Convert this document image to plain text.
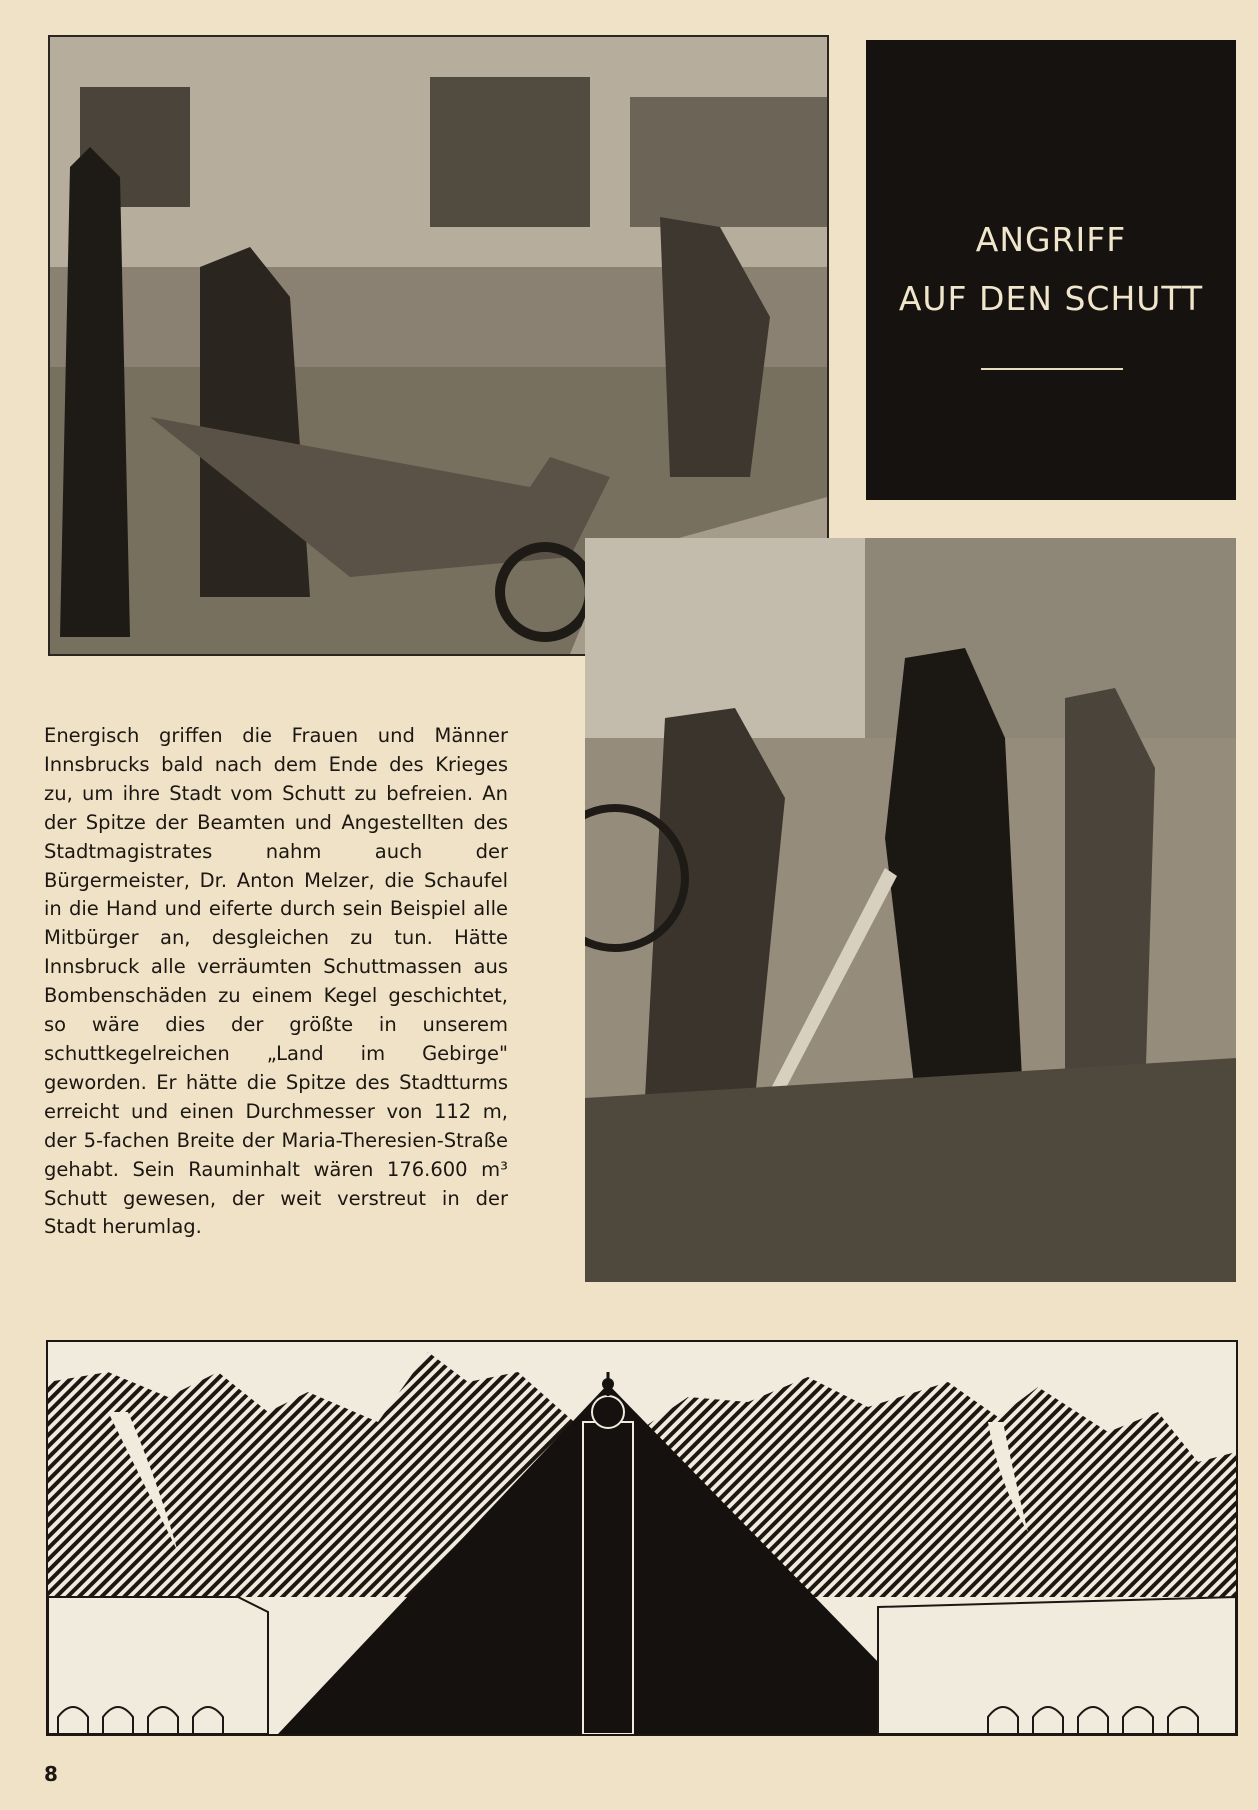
ANGRIFF
AUF DEN SCHUTT

Energisch griffen die Frauen und Männer Innsbrucks bald nach dem Ende des Krieges zu, um ihre Stadt vom Schutt zu befreien. An der Spitze der Beamten und Angestellten des Stadtmagistrates nahm auch der Bürgermeister, Dr. Anton Melzer, die Schaufel in die Hand und eiferte durch sein Beispiel alle Mitbürger an, desgleichen zu tun. Hätte Innsbruck alle verräumten Schuttmassen aus Bombenschäden zu einem Kegel geschichtet, so wäre dies der größte in unserem schuttkegelreichen „Land im Gebirge" geworden. Er hätte die Spitze des Stadtturms erreicht und einen Durchmesser von 112 m, der 5-fachen Breite der Maria-Theresien-Straße gehabt. Sein Rauminhalt wären 176.600 m³ Schutt gewesen, der weit verstreut in der Stadt herumlag.

8
